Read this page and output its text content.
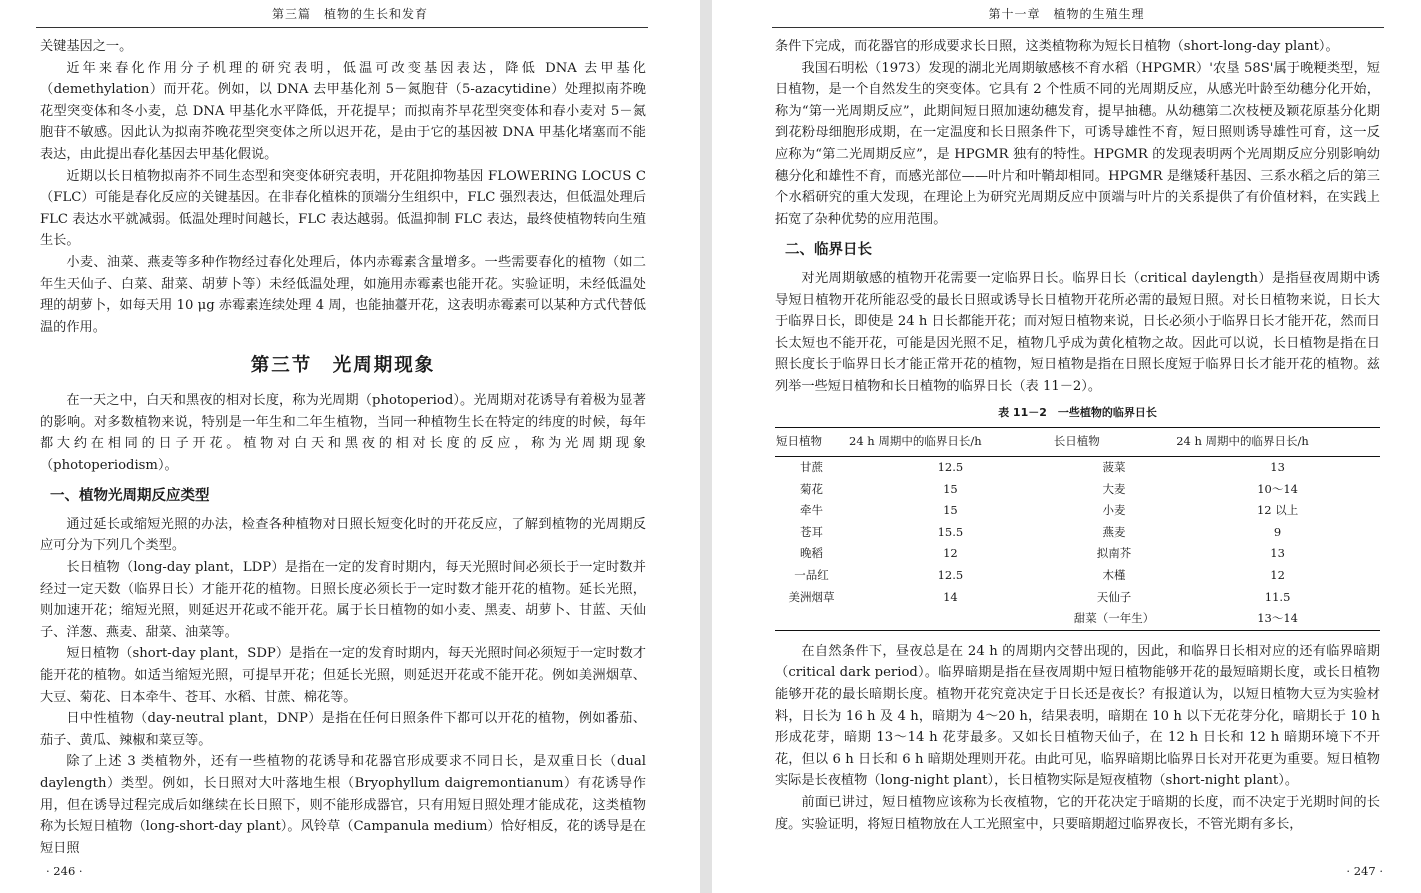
第三篇　植物的生长和发育

关键基因之一。

近年来春化作用分子机理的研究表明，低温可改变基因表达，降低 DNA 去甲基化（demethylation）而开花。例如，以 DNA 去甲基化剂 5－氮胞苷（5-azacytidine）处理拟南芥晚花型突变体和冬小麦，总 DNA 甲基化水平降低，开花提早；而拟南芥早花型突变体和春小麦对 5－氮胞苷不敏感。因此认为拟南芥晚花型突变体之所以迟开花，是由于它的基因被 DNA 甲基化堵塞而不能表达，由此提出春化基因去甲基化假说。

近期以长日植物拟南芥不同生态型和突变体研究表明，开花阻抑物基因 FLOWERING LOCUS C（FLC）可能是春化反应的关键基因。在非春化植株的顶端分生组织中，FLC 强烈表达，但低温处理后 FLC 表达水平就减弱。低温处理时间越长，FLC 表达越弱。低温抑制 FLC 表达，最终使植物转向生殖生长。

小麦、油菜、燕麦等多种作物经过春化处理后，体内赤霉素含量增多。一些需要春化的植物（如二年生天仙子、白菜、甜菜、胡萝卜等）未经低温处理，如施用赤霉素也能开花。实验证明，未经低温处理的胡萝卜，如每天用 10 μg 赤霉素连续处理 4 周，也能抽薹开花，这表明赤霉素可以某种方式代替低温的作用。

第三节　光周期现象

在一天之中，白天和黑夜的相对长度，称为光周期（photoperiod）。光周期对花诱导有着极为显著的影响。对多数植物来说，特别是一年生和二年生植物，当同一种植物生长在特定的纬度的时候，每年都大约在相同的日子开花。植物对白天和黑夜的相对长度的反应，称为光周期现象（photoperiodism）。

一、植物光周期反应类型

通过延长或缩短光照的办法，检查各种植物对日照长短变化时的开花反应，了解到植物的光周期反应可分为下列几个类型。

长日植物（long-day plant，LDP）是指在一定的发育时期内，每天光照时间必须长于一定时数并经过一定天数（临界日长）才能开花的植物。日照长度必须长于一定时数才能开花的植物。延长光照，则加速开花；缩短光照，则延迟开花或不能开花。属于长日植物的如小麦、黑麦、胡萝卜、甘蓝、天仙子、洋葱、燕麦、甜菜、油菜等。

短日植物（short-day plant，SDP）是指在一定的发育时期内，每天光照时间必须短于一定时数才能开花的植物。如适当缩短光照，可提早开花；但延长光照，则延迟开花或不能开花。例如美洲烟草、大豆、菊花、日本牵牛、苍耳、水稻、甘蔗、棉花等。

日中性植物（day-neutral plant，DNP）是指在任何日照条件下都可以开花的植物，例如番茄、茄子、黄瓜、辣椒和菜豆等。

除了上述 3 类植物外，还有一些植物的花诱导和花器官形成要求不同日长，是双重日长（dual daylength）类型。例如，长日照对大叶落地生根（Bryophyllum daigremontianum）有花诱导作用，但在诱导过程完成后如继续在长日照下，则不能形成器官，只有用短日照处理才能成花，这类植物称为长短日植物（long-short-day plant）。风铃草（Campanula medium）恰好相反，花的诱导是在短日照

· 246 ·
第十一章　植物的生殖生理

条件下完成，而花器官的形成要求长日照，这类植物称为短长日植物（short-long-day plant）。

我国石明松（1973）发现的湖北光周期敏感核不育水稻（HPGMR）'农垦 58S'属于晚粳类型，短日植物，是一个自然发生的突变体。它具有 2 个性质不同的光周期反应，从感光叶龄至幼穗分化开始，称为“第一光周期反应”，此期间短日照加速幼穗发育，提早抽穗。从幼穗第二次枝梗及颖花原基分化期到花粉母细胞形成期，在一定温度和长日照条件下，可诱导雄性不育，短日照则诱导雄性可育，这一反应称为“第二光周期反应”，是 HPGMR 独有的特性。HPGMR 的发现表明两个光周期反应分别影响幼穗分化和雄性不育，而感光部位——叶片和叶鞘却相同。HPGMR 是继矮秆基因、三系水稻之后的第三个水稻研究的重大发现，在理论上为研究光周期反应中顶端与叶片的关系提供了有价值材料，在实践上拓宽了杂种优势的应用范围。

二、临界日长

对光周期敏感的植物开花需要一定临界日长。临界日长（critical daylength）是指昼夜周期中诱导短日植物开花所能忍受的最长日照或诱导长日植物开花所必需的最短日照。对长日植物来说，日长大于临界日长，即使是 24 h 日长都能开花；而对短日植物来说，日长必须小于临界日长才能开花，然而日长太短也不能开花，可能是因光照不足，植物几乎成为黄化植物之故。因此可以说，长日植物是指在日照长度长于临界日长才能正常开花的植物，短日植物是指在日照长度短于临界日长才能开花的植物。兹列举一些短日植物和长日植物的临界日长（表 11－2）。

表 11－2　一些植物的临界日长
短日植物	24 h 周期中的临界日长/h	长日植物	24 h 周期中的临界日长/h
甘蔗	12.5	菠菜	13
菊花	15	大麦	10～14
牵牛	15	小麦	12 以上
苍耳	15.5	燕麦	9
晚稻	12	拟南芥	13
一品红	12.5	木槿	12
美洲烟草	14	天仙子	11.5
		甜菜（一年生）	13～14

在自然条件下，昼夜总是在 24 h 的周期内交替出现的，因此，和临界日长相对应的还有临界暗期（critical dark period）。临界暗期是指在昼夜周期中短日植物能够开花的最短暗期长度，或长日植物能够开花的最长暗期长度。植物开花究竟决定于日长还是夜长？有报道认为，以短日植物大豆为实验材料，日长为 16 h 及 4 h，暗期为 4～20 h，结果表明，暗期在 10 h 以下无花芽分化，暗期长于 10 h 形成花芽，暗期 13～14 h 花芽最多。又如长日植物天仙子，在 12 h 日长和 12 h 暗期环境下不开花，但以 6 h 日长和 6 h 暗期处理则开花。由此可见，临界暗期比临界日长对开花更为重要。短日植物实际是长夜植物（long-night plant），长日植物实际是短夜植物（short-night plant）。

前面已讲过，短日植物应该称为长夜植物，它的开花决定于暗期的长度，而不决定于光期时间的长度。实验证明，将短日植物放在人工光照室中，只要暗期超过临界夜长，不管光期有多长，

· 247 ·
